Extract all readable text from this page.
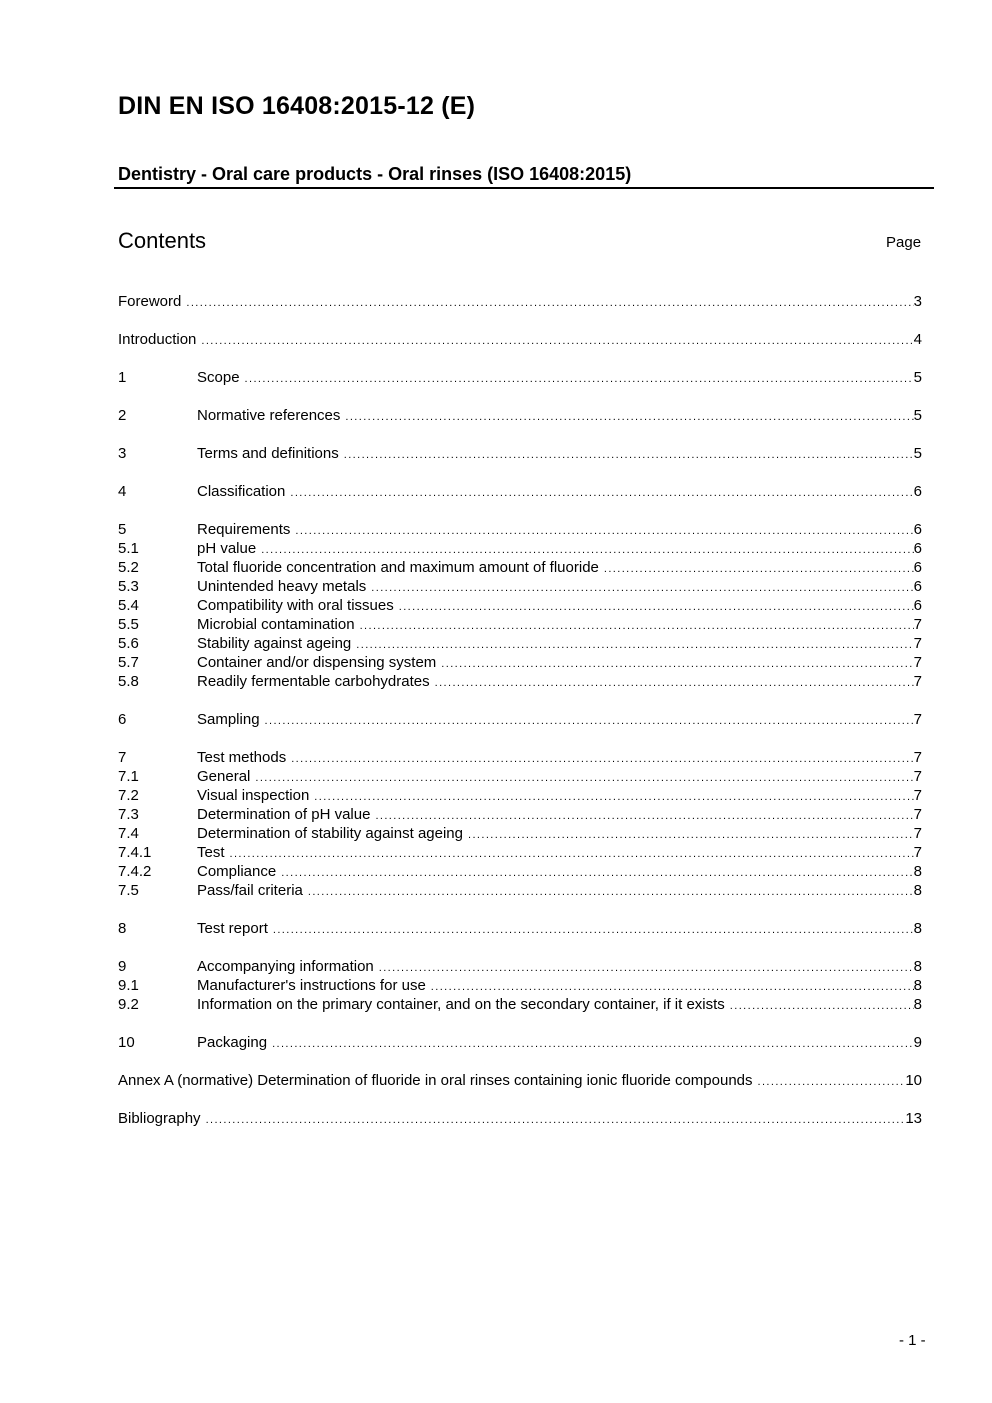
DIN EN ISO 16408:2015-12 (E)
Dentistry - Oral care products - Oral rinses (ISO 16408:2015)
Contents	Page
Foreword .....	3
Introduction .....	4
1	Scope .....	5
2	Normative references .....	5
3	Terms and definitions .....	5
4	Classification .....	6
5	Requirements .....	6
5.1	pH value .....	6
5.2	Total fluoride concentration and maximum amount of fluoride .....	6
5.3	Unintended heavy metals .....	6
5.4	Compatibility with oral tissues .....	6
5.5	Microbial contamination .....	7
5.6	Stability against ageing .....	7
5.7	Container and/or dispensing system .....	7
5.8	Readily fermentable carbohydrates .....	7
6	Sampling .....	7
7	Test methods .....	7
7.1	General .....	7
7.2	Visual inspection .....	7
7.3	Determination of pH value .....	7
7.4	Determination of stability against ageing .....	7
7.4.1	Test .....	7
7.4.2	Compliance .....	8
7.5	Pass/fail criteria .....	8
8	Test report .....	8
9	Accompanying information .....	8
9.1	Manufacturer's instructions for use .....	8
9.2	Information on the primary container, and on the secondary container, if it exists .....	8
10	Packaging .....	9
Annex A (normative) Determination of fluoride in oral rinses containing ionic fluoride compounds .....	10
Bibliography .....	13
- 1 -
